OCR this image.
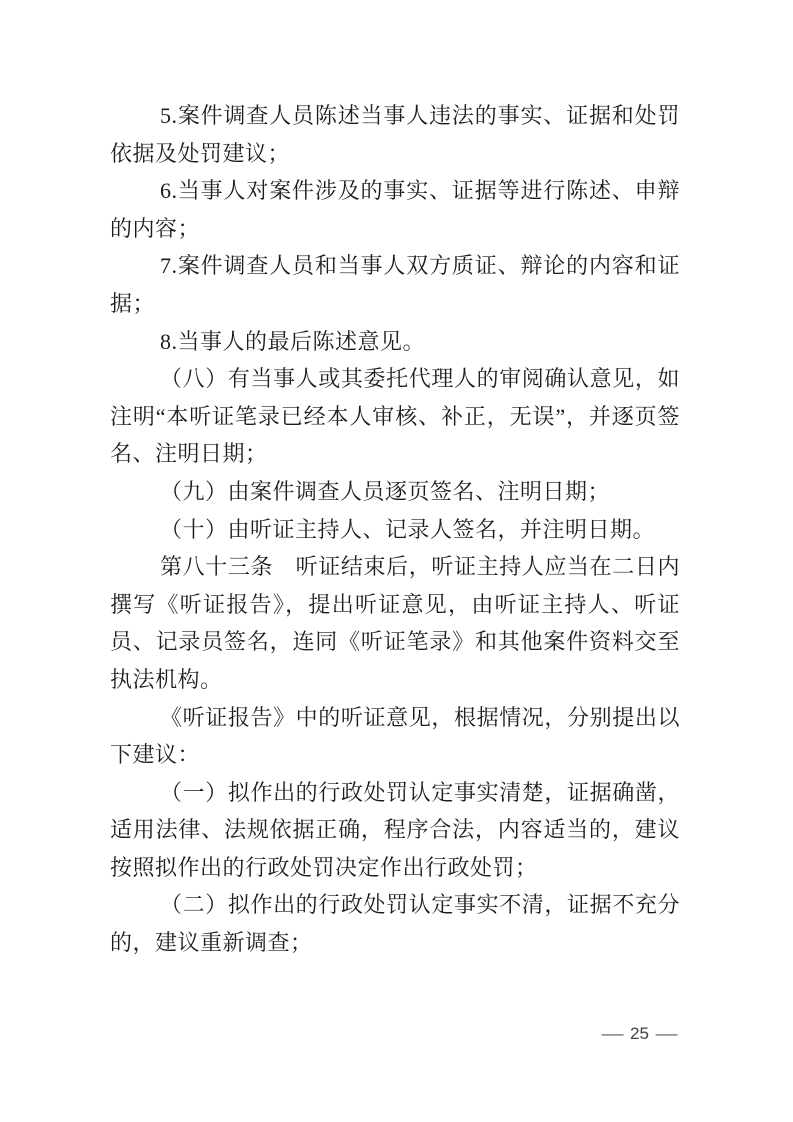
5.案件调查人员陈述当事人违法的事实、证据和处罚依据及处罚建议；

6.当事人对案件涉及的事实、证据等进行陈述、申辩的内容；

7.案件调查人员和当事人双方质证、辩论的内容和证据；

8.当事人的最后陈述意见。

（八）有当事人或其委托代理人的审阅确认意见，如注明“本听证笔录已经本人审核、补正，无误”，并逐页签名、注明日期；

（九）由案件调查人员逐页签名、注明日期；

（十）由听证主持人、记录人签名，并注明日期。

第八十三条　听证结束后，听证主持人应当在二日内撰写《听证报告》，提出听证意见，由听证主持人、听证员、记录员签名，连同《听证笔录》和其他案件资料交至执法机构。

《听证报告》中的听证意见，根据情况，分别提出以下建议：

（一）拟作出的行政处罚认定事实清楚，证据确凿，适用法律、法规依据正确，程序合法，内容适当的，建议按照拟作出的行政处罚决定作出行政处罚；

（二）拟作出的行政处罚认定事实不清，证据不充分的，建议重新调查；

— 25 —
